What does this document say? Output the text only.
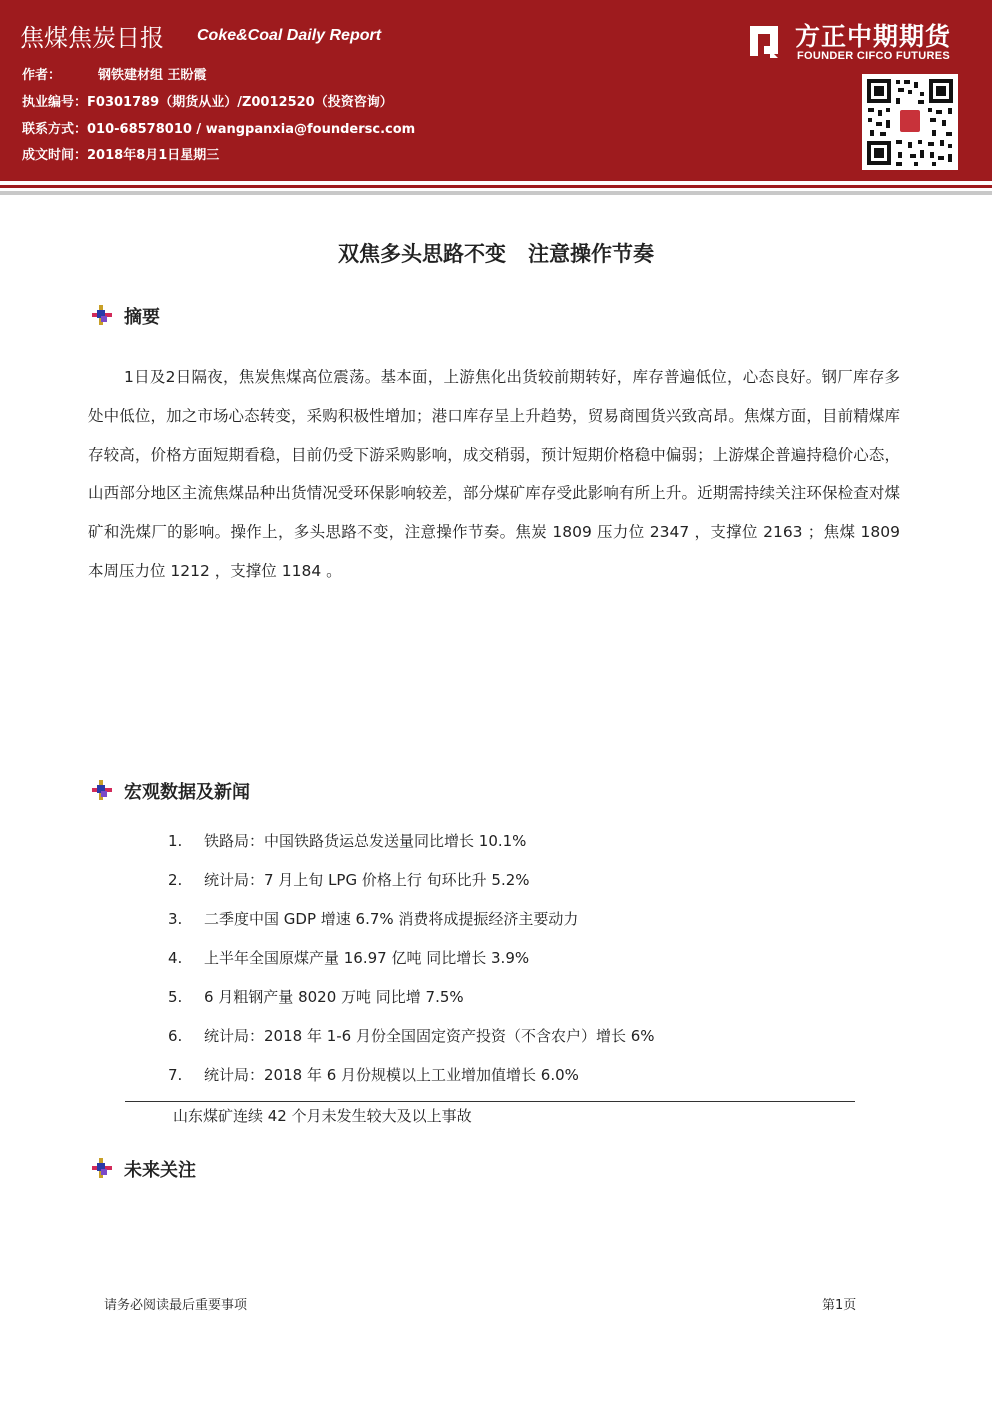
焦煤焦炭日报 Coke&Coal Daily Report
作者：	钢铁建材组 王盼霞
执业编号：F0301789（期货从业）/Z0012520（投资咨询）
联系方式：010-68578010 / wangpanxia@foundersc.com
成文时间：2018年8月1日星期三
方正中期期货
FOUNDER CIFCO FUTURES
双焦多头思路不变 注意操作节奏
摘要
1日及2日隔夜，焦炭焦煤高位震荡。基本面，上游焦化出货较前期转好，库存普遍低位，心态良好。钢厂库存多处中低位，加之市场心态转变，采购积极性增加；港口库存呈上升趋势，贸易商囤货兴致高昂。焦煤方面，目前精煤库存较高，价格方面短期看稳，目前仍受下游采购影响，成交稍弱，预计短期价格稳中偏弱；上游煤企普遍持稳价心态，山西部分地区主流焦煤品种出货情况受环保影响较差，部分煤矿库存受此影响有所上升。近期需持续关注环保检查对煤矿和洗煤厂的影响。操作上，多头思路不变，注意操作节奏。焦炭 1809 压力位 2347 ，支撑位 2163 ；焦煤 1809 本周压力位 1212 ，支撑位 1184 。
宏观数据及新闻
1. 铁路局：中国铁路货运总发送量同比增长 10.1%
2. 统计局：7 月上旬 LPG 价格上行 旬环比升 5.2%
3. 二季度中国 GDP 增速 6.7% 消费将成提振经济主要动力
4. 上半年全国原煤产量 16.97 亿吨 同比增长 3.9%
5. 6 月粗钢产量 8020 万吨 同比增 7.5%
6. 统计局：2018 年 1-6 月份全国固定资产投资（不含农户）增长 6%
7. 统计局：2018 年 6 月份规模以上工业增加值增长 6.0%
山东煤矿连续 42 个月未发生较大及以上事故
未来关注
请务必阅读最后重要事项	第1页
